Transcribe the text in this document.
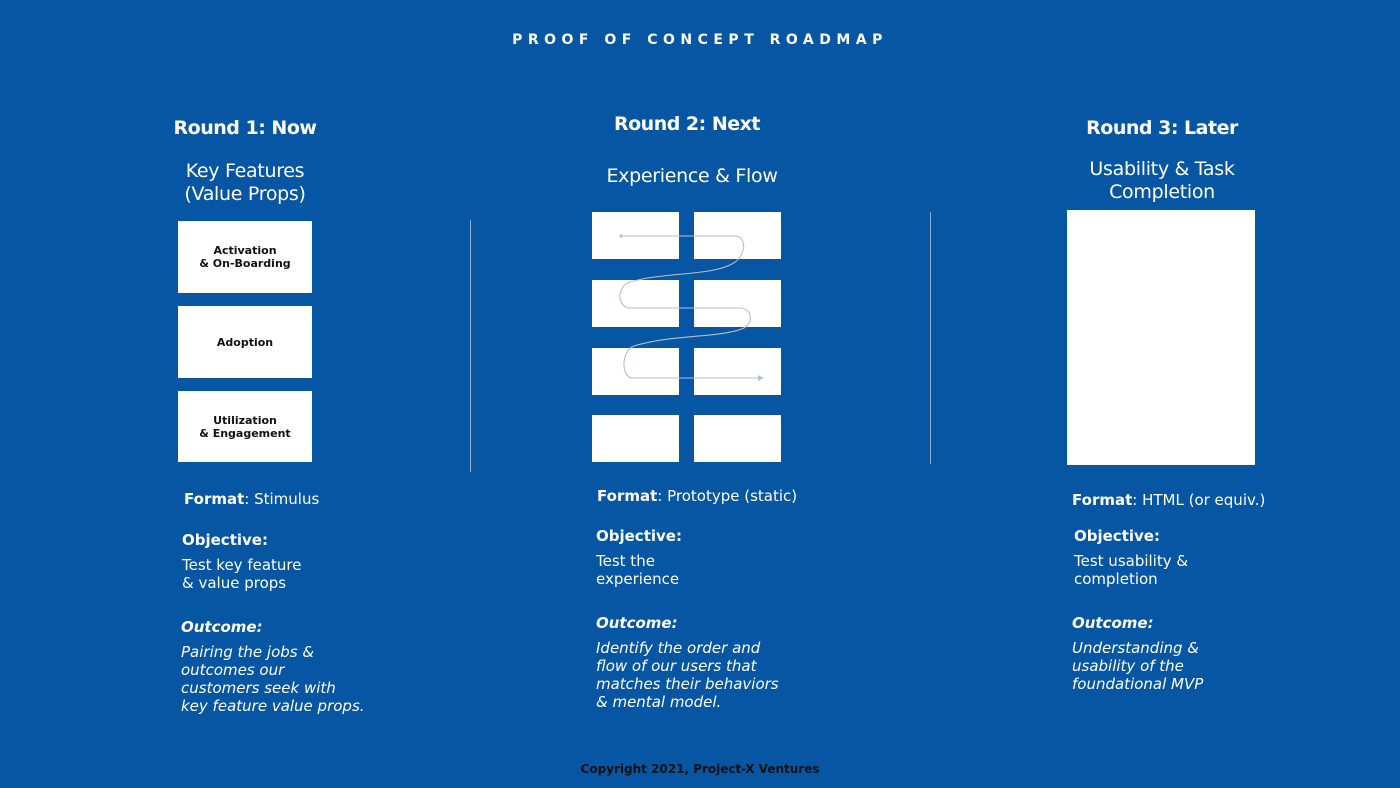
PROOF OF CONCEPT ROADMAP
Round 1: Now
Key Features
(Value Props)
Activation
& On-Boarding
Adoption
Utilization
& Engagement
Format: Stimulus
Objective:
Test key feature
& value props
Outcome:
Pairing the jobs &
outcomes our
customers seek with
key feature value props.
Round 2: Next
Experience & Flow
Format: Prototype (static)
Objective:
Test the
experience
Outcome:
Identify the order and
flow of our users that
matches their behaviors
& mental model.
Round 3: Later
Usability & Task
Completion
Format: HTML (or equiv.)
Objective:
Test usability &
completion
Outcome:
Understanding &
usability of the
foundational MVP
Copyright 2021, Project-X Ventures
